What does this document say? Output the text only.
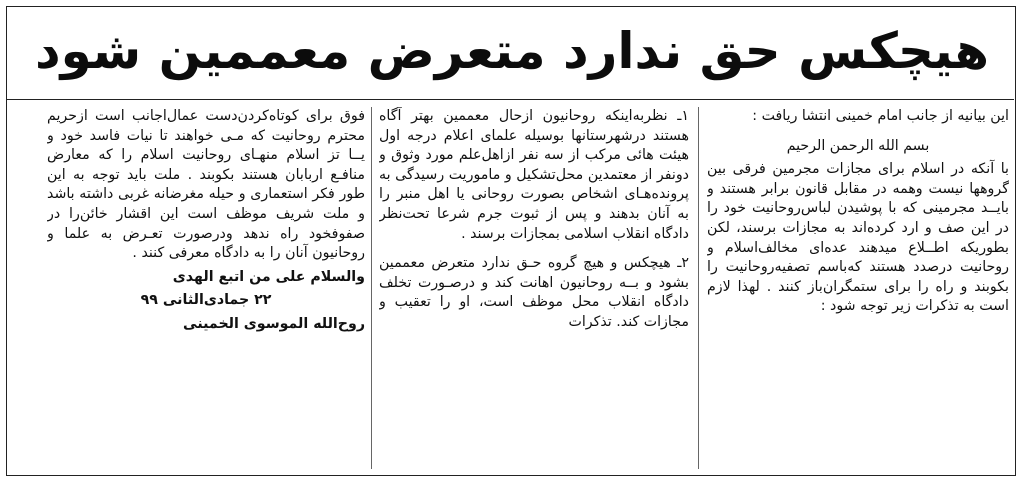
هیچکس حق ندارد متعرض معممین شود

این بیانیه از جانب امام خمینی انتشا ریافت :

بسم الله الرحمن الرحیم

با آنکه در اسلام برای مجازات مجرمین فرقی بین گروهها نیست وهمه در مقابل قانون برابر هستند و بایــد مجرمینی که با پوشیدن لباس‌روحانیت خود را در این صف و ارد کرده‌اند به مجازات برسند، لکن بطوریکه اطــلاع میدهند عده‌ای مخالف‌اسلام و روحانیت درصدد هستند که‌باسم تصفیه‌روحانیت را بکوبند و راه را برای ستمگران‌باز کنند . لهذا لازم است به تذکرات زیر توجه شود :

۱ـ نظربه‌اینکه روحانیون ازحال معممین بهتر آگاه هستند درشهرستانها بوسیله علمای اعلام درجه اول هیئت هائی مرکب از سه نفر ازاهل‌علم مورد وثوق و دونفر از معتمدین محل‌تشکیل و ماموریت رسیدگی به پرونده‌هـای اشخاص بصورت روحانی یا اهل منبر را به آنان بدهند و پس از ثبوت جرم شرعا تحت‌نظر دادگاه انقلاب اسلامی بمجازات برسند .

۲ـ هیچکس و هیچ گروه حـق ندارد متعرض معممین بشود و بــه روحانیون اهانت کند و درصـورت تخلف دادگاه انقلاب محل موظف است‌، او را تعقیب و مجازات کند. تذکرات

فوق برای کوتاه‌کردن‌دست عمال‌اجانب است ازحریم محترم روحانیت که مـی خواهند تا نیات فاسد خود و یــا تز اسلام منهـای روحانیت اسلام را که معارض منافـع اربابان هستند بکوبند . ملت باید توجه به این طور فکر استعماری و حیله مغرضانه غربی داشته باشد و ملت شریف موظف است این اقشار خائن‌را در صفوفخود راه ندهد ودرصورت تعـرض به علما و روحانیون آنان را به دادگاه معرفی کنند .

والسلام علی من اتبع الهدی

۲۲ جمادی‌الثانی ۹۹

روح‌الله الموسوی الخمینی
